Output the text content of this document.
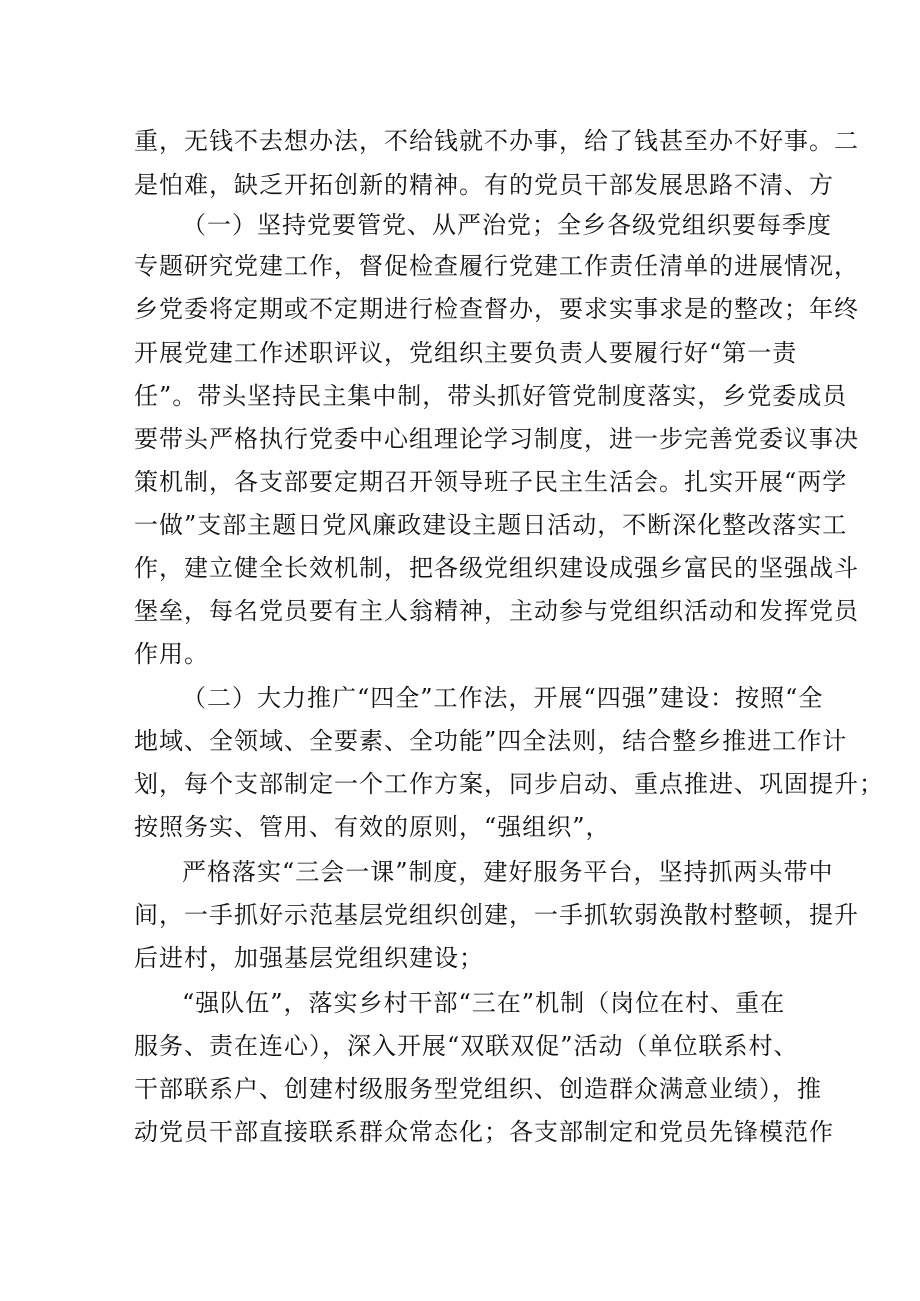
重，无钱不去想办法，不给钱就不办事，给了钱甚至办不好事。二
是怕难，缺乏开拓创新的精神。有的党员干部发展思路不清、方
（一）坚持党要管党、从严治党；全乡各级党组织要每季度
专题研究党建工作，督促检查履行党建工作责任清单的进展情况，
乡党委将定期或不定期进行检查督办，要求实事求是的整改；年终
开展党建工作述职评议，党组织主要负责人要履行好“第一责
任”。带头坚持民主集中制，带头抓好管党制度落实，乡党委成员
要带头严格执行党委中心组理论学习制度，进一步完善党委议事决
策机制，各支部要定期召开领导班子民主生活会。扎实开展“两学
一做”支部主题日党风廉政建设主题日活动，不断深化整改落实工
作，建立健全长效机制，把各级党组织建设成强乡富民的坚强战斗
堡垒，每名党员要有主人翁精神，主动参与党组织活动和发挥党员
作用。
（二）大力推广“四全”工作法，开展“四强”建设：按照“全
地域、全领域、全要素、全功能”四全法则，结合整乡推进工作计
划，每个支部制定一个工作方案，同步启动、重点推进、巩固提升；
按照务实、管用、有效的原则，“强组织”，
严格落实“三会一课”制度，建好服务平台，坚持抓两头带中
间，一手抓好示范基层党组织创建，一手抓软弱涣散村整顿，提升
后进村，加强基层党组织建设；
“强队伍”，落实乡村干部“三在”机制（岗位在村、重在
服务、责在连心），深入开展“双联双促”活动（单位联系村、
干部联系户、创建村级服务型党组织、创造群众满意业绩），推
动党员干部直接联系群众常态化；各支部制定和党员先锋模范作
